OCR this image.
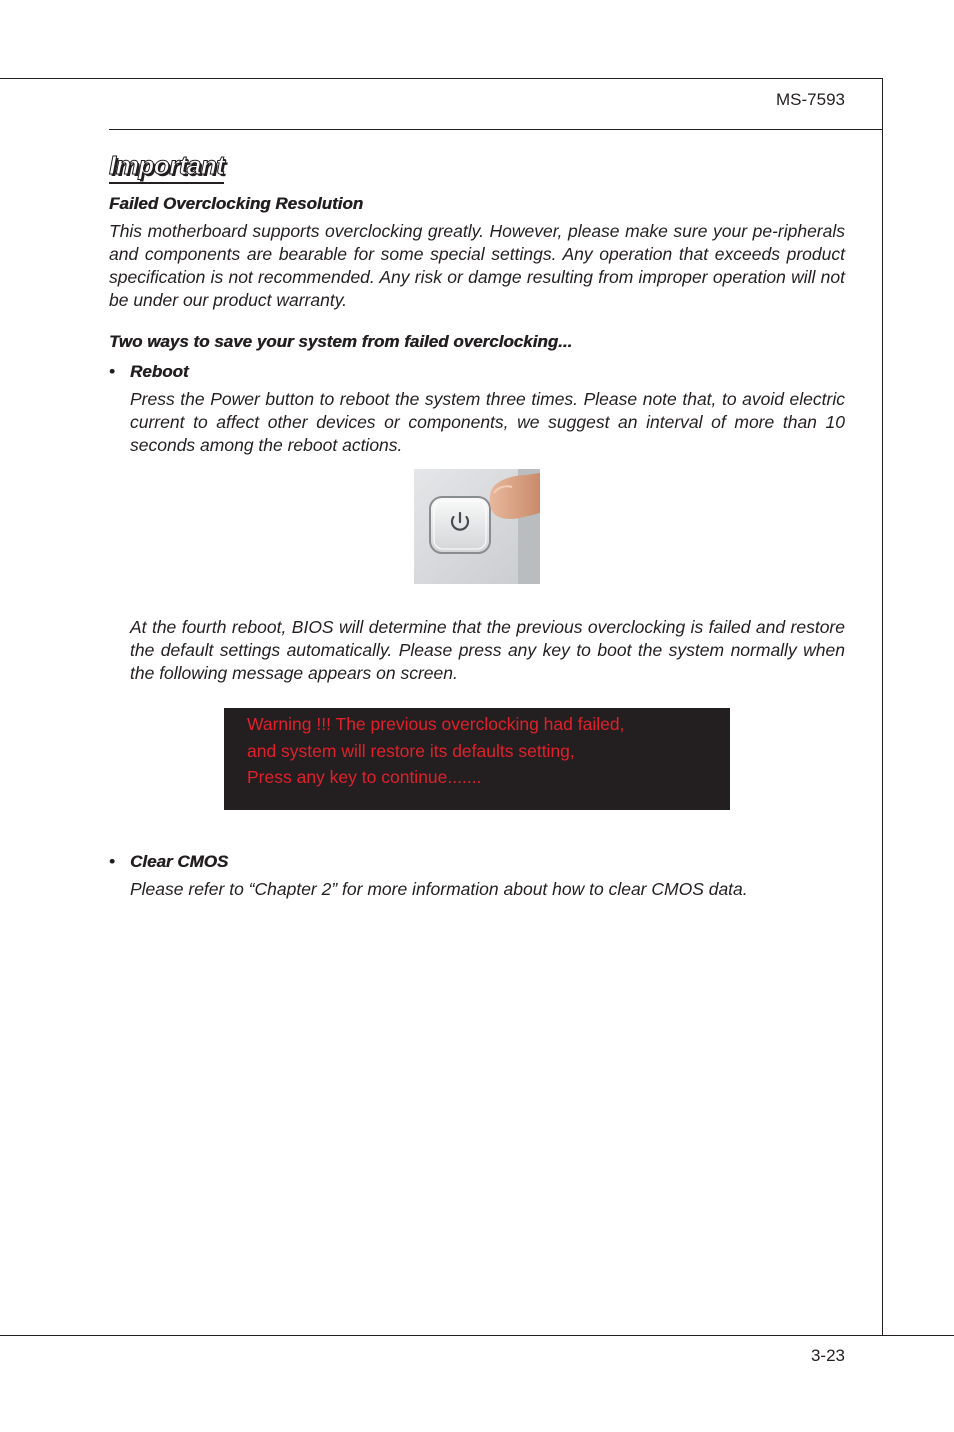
MS-7593
Important
Failed Overclocking Resolution

This motherboard supports overclocking greatly. However, please make sure your pe-ripherals and components are bearable for some special settings. Any operation that exceeds product specification is not recommended. Any risk or damge resulting from improper operation will not be under our product warranty.

Two ways to save your system from failed overclocking...
• Reboot

Press the Power button to reboot the system three times. Please note that, to avoid electric current to affect other devices or components, we suggest an interval of more than 10 seconds among the reboot actions.

At the fourth reboot, BIOS will determine that the previous overclocking is failed and restore the default settings automatically. Please press any key to boot the system normally when the following message appears on screen.

Warning !!! The previous overclocking had failed,
and system will restore its defaults setting,
Press any key to continue.......
• Clear CMOS

Please refer to “Chapter 2” for more information about how to clear CMOS data.

3-23
